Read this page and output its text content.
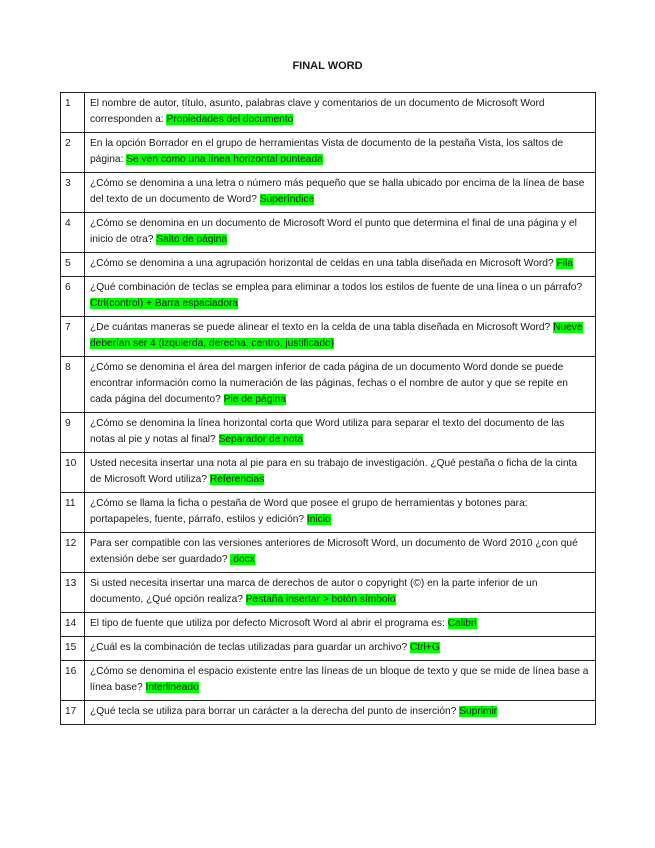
FINAL WORD
1	El nombre de autor, título, asunto, palabras clave y comentarios de un documento de Microsoft Word corresponden a: Propiedades del documento
2	En la opción Borrador en el grupo de herramientas Vista de documento de la pestaña Vista, los saltos de página: Se ven como una línea horizontal punteada
3	¿Cómo se denomina a una letra o número más pequeño que se halla ubicado por encima de la línea de base del texto de un documento de Word? Superíndice
4	¿Cómo se denomina en un documento de Microsoft Word el punto que determina el final de una página y el inicio de otra? Salto de página
5	¿Cómo se denomina a una agrupación horizontal de celdas en una tabla diseñada en Microsoft Word? Fila
6	¿Qué combinación de teclas se emplea para eliminar a todos los estilos de fuente de una línea o un párrafo? Ctrl(control) + Barra espaciadora
7	¿De cuántas maneras se puede alinear el texto en la celda de una tabla diseñada en Microsoft Word? Nueve deberían ser 4 (izquierda, derecha, centro, justificado)
8	¿Cómo se denomina el área del margen inferior de cada página de un documento Word donde se puede encontrar información como la numeración de las páginas, fechas o el nombre de autor y que se repite en cada página del documento? Pie de página
9	¿Cómo se denomina la línea horizontal corta que Word utiliza para separar el texto del documento de las notas al pie y notas al final? Separador de nota
10	Usted necesita insertar una nota al pie para en su trabajo de investigación. ¿Qué pestaña o ficha de la cinta de Microsoft Word utiliza? Referencias
11	¿Cómo se llama la ficha o pestaña de Word que posee el grupo de herramientas y botones para: portapapeles, fuente, párrafo, estilos y edición? Inicio
12	Para ser compatible con las versiones anteriores de Microsoft Word, un documento de Word 2010 ¿con qué extensión debe ser guardado? .docx
13	Si usted necesita insertar una marca de derechos de autor o copyright (©) en la parte inferior de un documento, ¿Qué opción realiza? Pestaña insertar > botón símbolo
14	El tipo de fuente que utiliza por defecto Microsoft Word al abrir el programa es: Calibri
15	¿Cuál es la combinación de teclas utilizadas para guardar un archivo? Ctrl+G
16	¿Cómo se denomina el espacio existente entre las líneas de un bloque de texto y que se mide de línea base a línea base? Interlineado
17	¿Qué tecla se utiliza para borrar un carácter a la derecha del punto de inserción? Suprimir
